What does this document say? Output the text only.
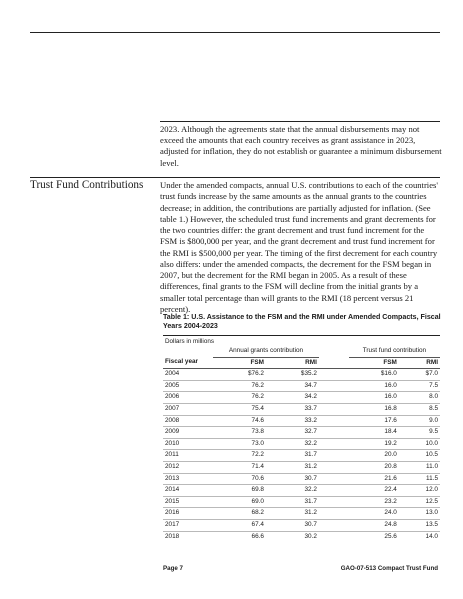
2023. Although the agreements state that the annual disbursements may not exceed the amounts that each country receives as grant assistance in 2023, adjusted for inflation, they do not establish or guarantee a minimum disbursement level.

Trust Fund Contributions Under the amended compacts, annual U.S. contributions to each of the countries' trust funds increase by the same amounts as the annual grants to the countries decrease; in addition, the contributions are partially adjusted for inflation. (See table 1.) However, the scheduled trust fund increments and grant decrements for the two countries differ: the grant decrement and trust fund increment for the FSM is $800,000 per year, and the grant decrement and trust fund increment for the RMI is $500,000 per year. The timing of the first decrement for each country also differs: under the amended compacts, the decrement for the FSM began in 2007, but the decrement for the RMI began in 2005. As a result of these differences, final grants to the FSM will decline from the initial grants by a smaller total percentage than will grants to the RMI (18 percent versus 21 percent).

Table 1: U.S. Assistance to the FSM and the RMI under Amended Compacts, Fiscal Years 2004-2023

Dollars in millions

	Annual grants contribution			Trust fund contribution	
Fiscal year	FSM	RMI		FSM	RMI
2004	$76.2	$35.2		$16.0	$7.0
2005	76.2	34.7		16.0	7.5
2006	76.2	34.2		16.0	8.0
2007	75.4	33.7		16.8	8.5
2008	74.6	33.2		17.6	9.0
2009	73.8	32.7		18.4	9.5
2010	73.0	32.2		19.2	10.0
2011	72.2	31.7		20.0	10.5
2012	71.4	31.2		20.8	11.0
2013	70.6	30.7		21.6	11.5
2014	69.8	32.2		22.4	12.0
2015	69.0	31.7		23.2	12.5
2016	68.2	31.2		24.0	13.0
2017	67.4	30.7		24.8	13.5
2018	66.6	30.2		25.6	14.0

Page 7	GAO-07-513 Compact Trust Fund
